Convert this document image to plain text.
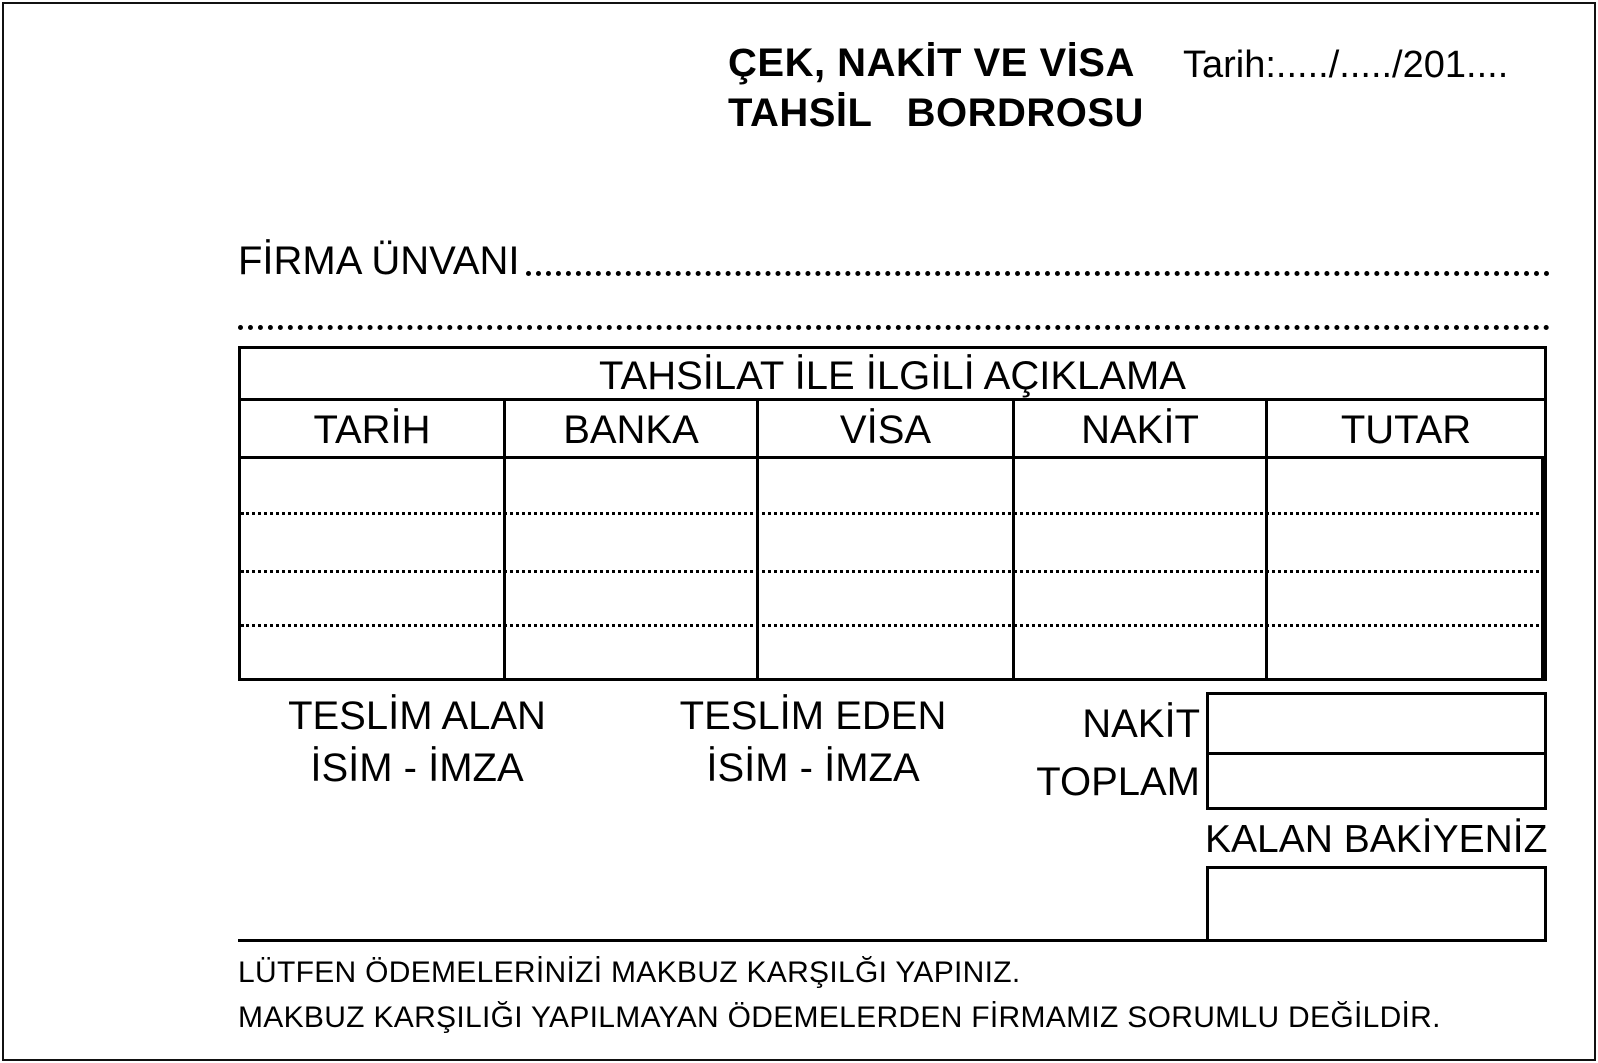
ÇEK, NAKİT VE VİSA
TAHSİL   BORDROSU
Tarih:...../...../201....
FİRMA ÜNVANI
TAHSİLAT İLE İLGİLİ AÇIKLAMA
TARİH	BANKA	VİSA	NAKİT	TUTAR
TESLİM ALAN
İSİM - İMZA
TESLİM EDEN
İSİM - İMZA
NAKİT
TOPLAM
KALAN BAKİYENİZ
LÜTFEN ÖDEMELERİNİZİ MAKBUZ KARŞILĞI YAPINIZ.
MAKBUZ KARŞILIĞI YAPILMAYAN ÖDEMELERDEN FİRMAMIZ SORUMLU DEĞİLDİR.
